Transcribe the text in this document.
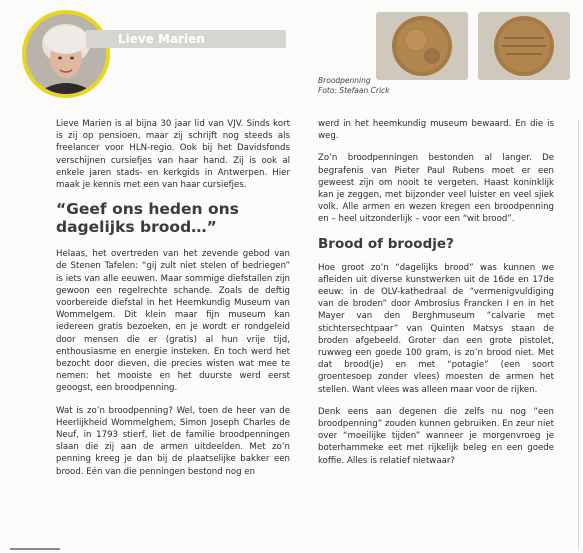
Lieve Marien
Broodpenning
Foto: Stefaan Crick

Lieve Marien is al bijna 30 jaar lid van VJV. Sinds kort is zij op pensioen, maar zij schrijft nog steeds als freelancer voor HLN-regio. Ook bij het Davidsfonds verschijnen cursiefjes van haar hand. Zij is ook al enkele jaren stads- en kerkgids in Antwerpen. Hier maak je kennis met een van haar cursiefjes.

“Geef ons heden ons dagelijks brood…”

Helaas, het overtreden van het zevende gebod van de Stenen Tafelen: “gij zult niet stelen of bedriegen” is iets van alle eeuwen. Maar sommige diefstallen zijn gewoon een regelrechte schande. Zoals de deftig voorbereide diefstal in het Heemkundig Museum van Wommelgem. Dit klein maar fijn museum kan iedereen gratis bezoeken, en je wordt er rondgeleid door mensen die er (gratis) al hun vrije tijd, enthousiasme en energie insteken. En toch werd het bezocht door dieven, die precies wisten wat mee te nemen: het mooiste en het duurste werd eerst geoogst, een broodpenning.

Wat is zo’n broodpenning? Wel, toen de heer van de Heerlijkheid Wommelghem, Simon Joseph Charles de Neuf, in 1793 stierf, liet de familie broodpenningen slaan die zij aan de armen uitdeelden. Met zo’n penning kreeg je dan bij de plaatselijke bakker een brood. Eén van die penningen bestond nog en

werd in het heemkundig museum bewaard. En die is weg.

Zo’n broodpenningen bestonden al langer. De begrafenis van Pieter Paul Rubens moet er een geweest zijn om nooit te vergeten. Haast koninklijk kan je zeggen, met bijzonder veel luister en veel sjiek volk. Alle armen en wezen kregen een broodpenning en – heel uitzonderlijk – voor een “wit brood”.

Brood of broodje?

Hoe groot zo’n “dagelijks brood” was kunnen we afleiden uit diverse kunstwerken uit de 16de en 17de eeuw: in de OLV-kathedraal de “vermenigvuldiging van de broden” door Ambrosius Francken I en in het Mayer van den Berghmuseum “calvarie met stichtersechtpaar” van Quinten Matsys staan de broden afgebeeld. Groter dan een grote pistolet, ruwweg een goede 100 gram, is zo’n brood niet. Met dat brood(je) en met “potagie” (een soort groentesoep zonder vlees) moesten de armen het stellen. Want vlees was alleen maar voor de rijken.

Denk eens aan degenen die zelfs nu nog “een broodpenning” zouden kunnen gebruiken. En zeur niet over “moeilijke tijden” wanneer je morgenvroeg je boterhammeke eet met rijkelijk beleg en een goede koffie. Alles is relatief nietwaar?
